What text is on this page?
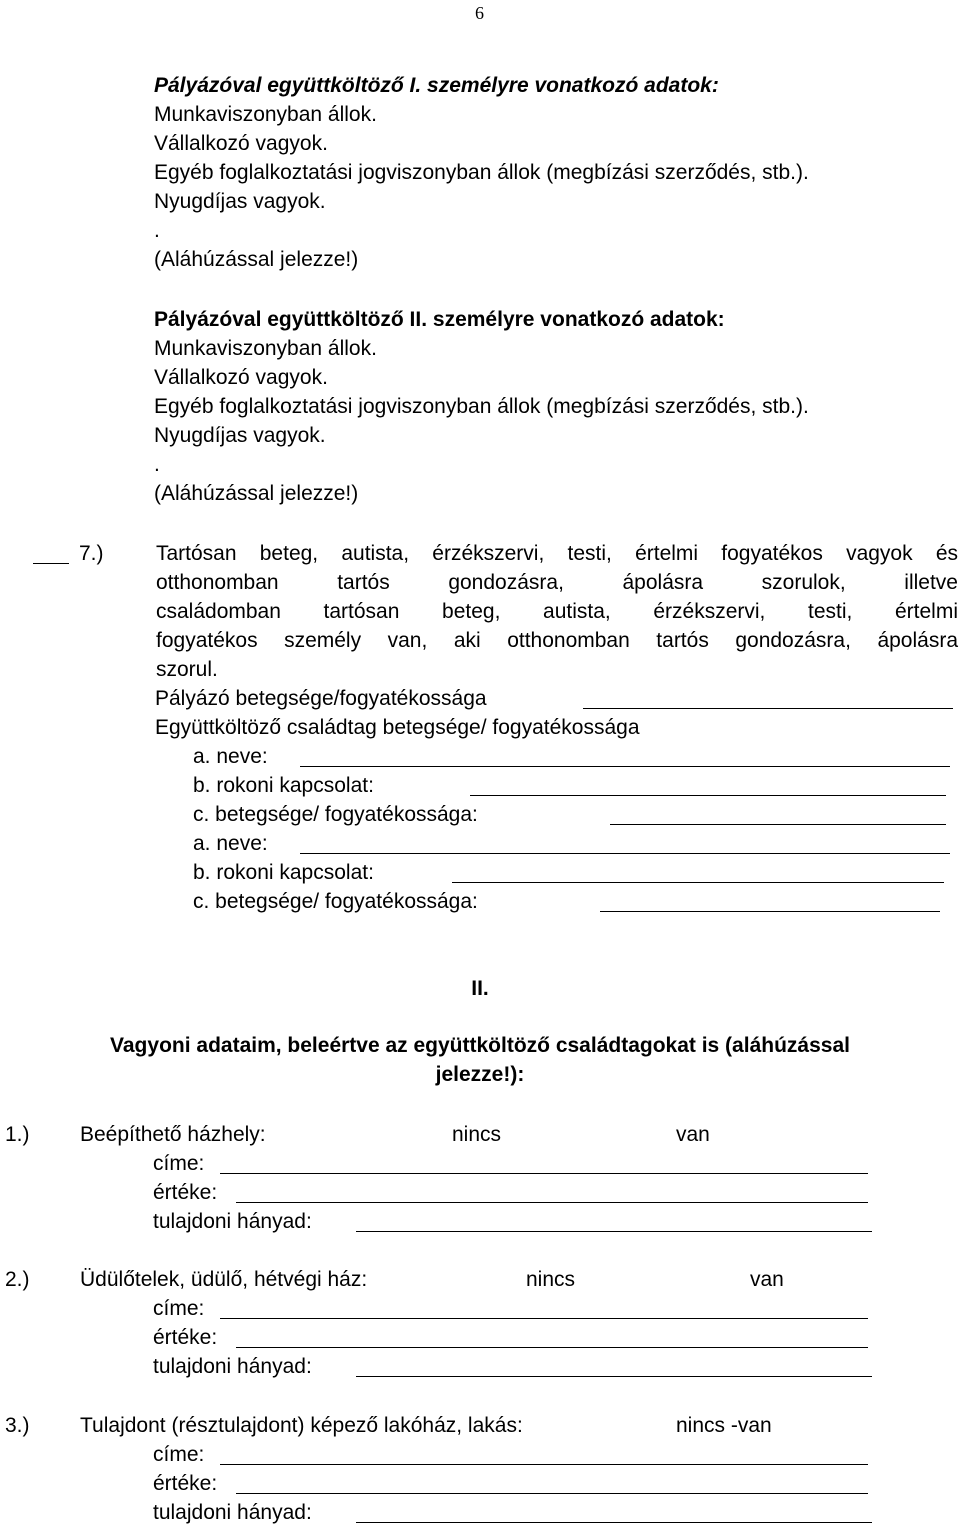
6
Pályázóval együttköltöző I. személyre vonatkozó adatok:
Munkaviszonyban állok.
Vállalkozó vagyok.
Egyéb foglalkoztatási jogviszonyban állok (megbízási szerződés, stb.).
Nyugdíjas vagyok.
.
(Aláhúzással jelezze!)
Pályázóval együttköltöző II. személyre vonatkozó adatok:
Munkaviszonyban állok.
Vállalkozó vagyok.
Egyéb foglalkoztatási jogviszonyban állok (megbízási szerződés, stb.).
Nyugdíjas vagyok.
.
(Aláhúzással jelezze!)
7.) Tartósan beteg, autista, érzékszervi, testi, értelmi fogyatékos vagyok és
otthonomban tartós gondozásra, ápolásra szorulok, illetve
családomban tartósan beteg, autista, érzékszervi, testi, értelmi
fogyatékos személy van, aki otthonomban tartós gondozásra, ápolásra
szorul.
Pályázó betegsége/fogyatékossága
Együttköltöző családtag betegsége/ fogyatékossága
a. neve:
b. rokoni kapcsolat:
c. betegsége/ fogyatékossága:
a. neve:
b. rokoni kapcsolat:
c. betegsége/ fogyatékossága:
II.
Vagyoni adataim, beleértve az együttköltöző családtagokat is (aláhúzással
jelezze!):
1.) Beépíthető házhely:	nincs	van
címe:
értéke:
tulajdoni hányad:
2.) Üdülőtelek, üdülő, hétvégi ház:	nincs	van
címe:
értéke:
tulajdoni hányad:
3.) Tulajdont (résztulajdont) képező lakóház, lakás:	nincs -van
címe:
értéke:
tulajdoni hányad:
